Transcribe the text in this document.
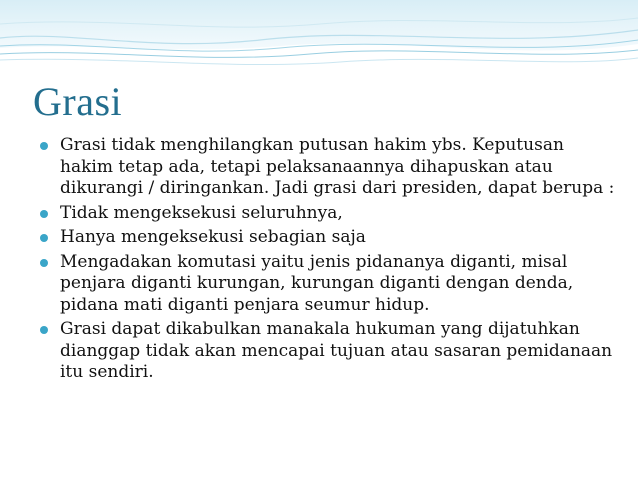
Grasi
Grasi tidak menghilangkan putusan hakim ybs. Keputusan hakim tetap ada, tetapi pelaksanaannya dihapuskan atau dikurangi / diringankan. Jadi grasi dari presiden, dapat berupa :
Tidak mengeksekusi seluruhnya,
Hanya mengeksekusi sebagian saja
Mengadakan komutasi yaitu jenis pidananya diganti, misal penjara diganti kurungan, kurungan diganti dengan denda, pidana mati diganti penjara seumur hidup.
Grasi dapat dikabulkan manakala hukuman yang dijatuhkan dianggap tidak akan mencapai tujuan atau sasaran pemidanaan itu sendiri.
